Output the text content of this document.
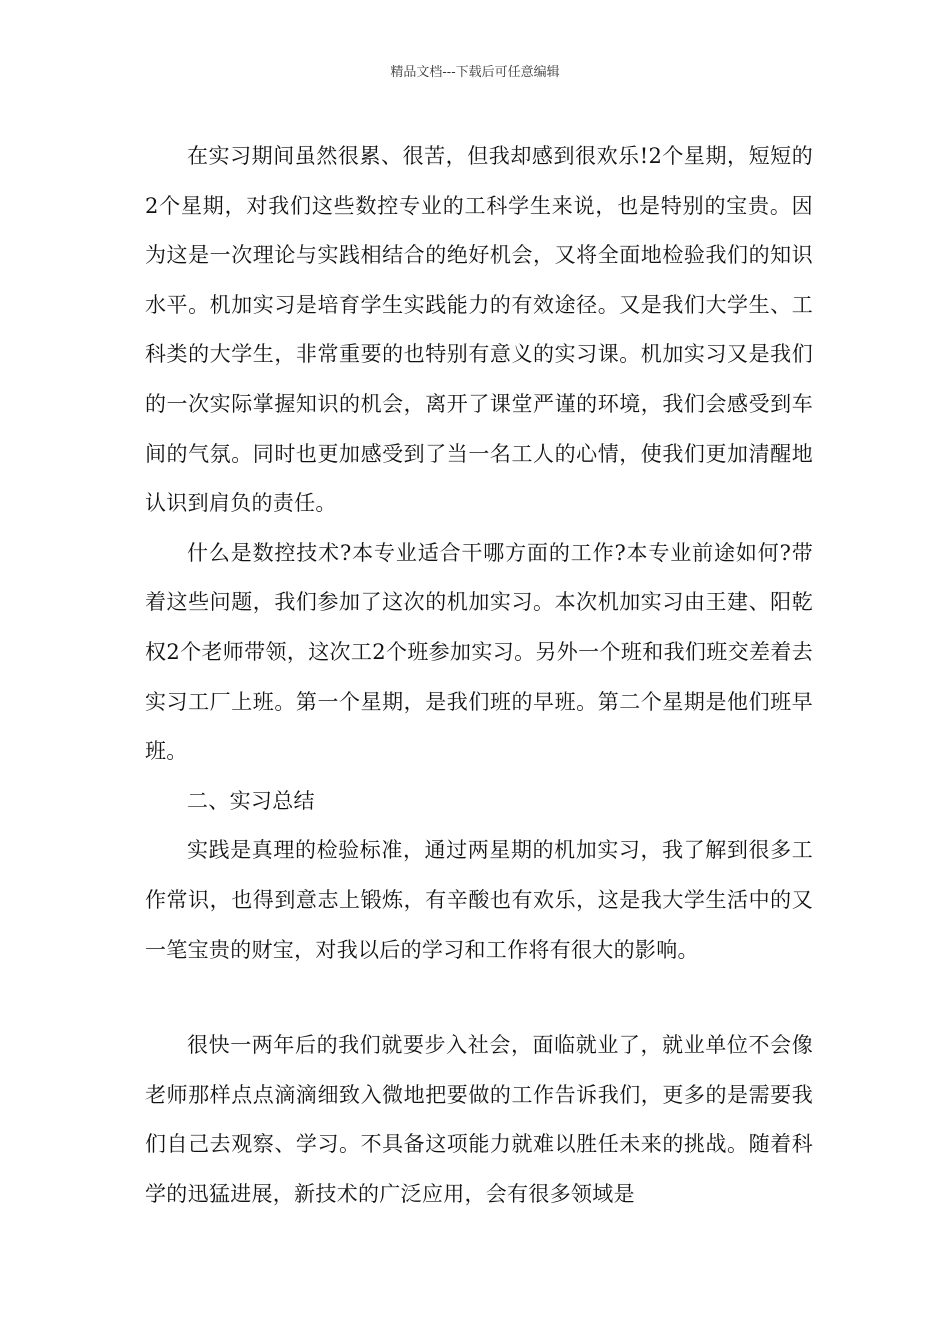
精品文档---下载后可任意编辑

在实习期间虽然很累、很苦，但我却感到很欢乐!2个星期，短短的2个星期，对我们这些数控专业的工科学生来说，也是特别的宝贵。因为这是一次理论与实践相结合的绝好机会，又将全面地检验我们的知识水平。机加实习是培育学生实践能力的有效途径。又是我们大学生、工科类的大学生，非常重要的也特别有意义的实习课。机加实习又是我们的一次实际掌握知识的机会，离开了课堂严谨的环境，我们会感受到车间的气氛。同时也更加感受到了当一名工人的心情，使我们更加清醒地认识到肩负的责任。

什么是数控技术?本专业适合干哪方面的工作?本专业前途如何?带着这些问题，我们参加了这次的机加实习。本次机加实习由王建、阳乾权2个老师带领，这次工2个班参加实习。另外一个班和我们班交差着去实习工厂上班。第一个星期，是我们班的早班。第二个星期是他们班早班。

二、实习总结

实践是真理的检验标准，通过两星期的机加实习，我了解到很多工作常识，也得到意志上锻炼，有辛酸也有欢乐，这是我大学生活中的又一笔宝贵的财宝，对我以后的学习和工作将有很大的影响。

很快一两年后的我们就要步入社会，面临就业了，就业单位不会像老师那样点点滴滴细致入微地把要做的工作告诉我们，更多的是需要我们自己去观察、学习。不具备这项能力就难以胜任未来的挑战。随着科学的迅猛进展，新技术的广泛应用，会有很多领域是
